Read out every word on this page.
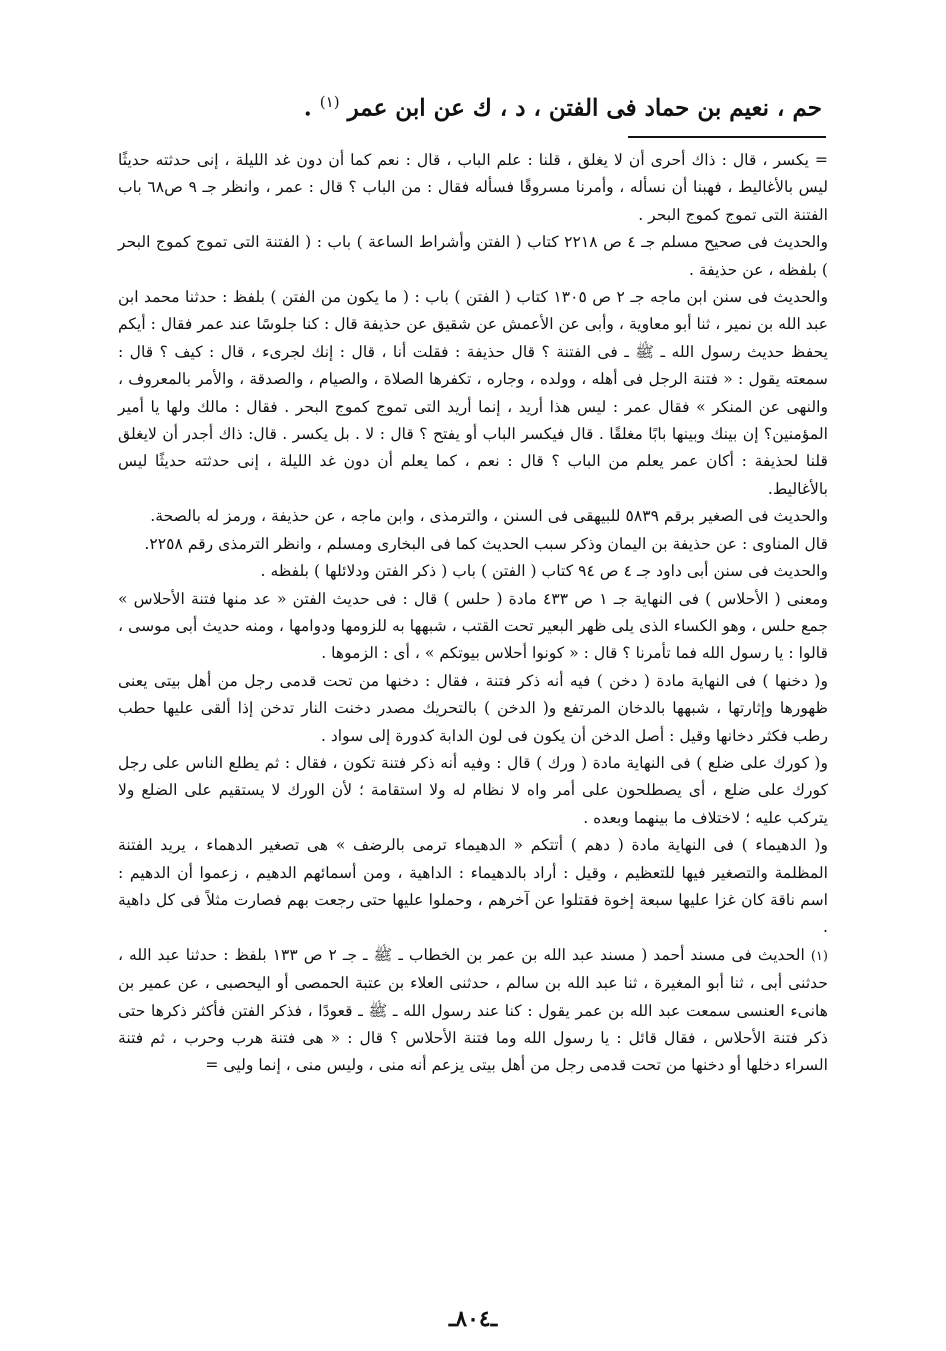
حم ، نعيم بن حماد فى الفتن ، د ، ك عن ابن عمر $^{(١)}$ .

= يكسر ، قال : ذاك أحرى أن لا يغلق ، قلنا : علم الباب ، قال : نعم كما أن دون غد الليلة ، إنى حدثته حديثًا ليس بالأغاليط ، فهبنا أن نسأله ، وأمرنا مسروقًا فسأله فقال : من الباب ؟ قال : عمر ، وانظر جـ ٩ ص٦٨ باب الفتنة التى تموج كموج البحر .

والحديث فى صحيح مسلم جـ ٤ ص ٢٢١٨ كتاب ( الفتن وأشراط الساعة ) باب : ( الفتنة التى تموج كموج البحر ) بلفظه ، عن حذيفة .

والحديث فى سنن ابن ماجه جـ ٢ ص ١٣٠٥ كتاب ( الفتن ) باب : ( ما يكون من الفتن ) بلفظ : حدثنا محمد ابن عبد الله بن نمير ، ثنا أبو معاوية ، وأبى عن الأعمش عن شقيق عن حذيفة قال : كنا جلوسًا عند عمر فقال : أيكم يحفظ حديث رسول الله ـ ﷺ ـ فى الفتنة ؟ قال حذيفة : فقلت أنا ، قال : إنك لجرىء ، قال : كيف ؟ قال : سمعته يقول : « فتنة الرجل فى أهله ، وولده ، وجاره ، تكفرها الصلاة ، والصيام ، والصدقة ، والأمر بالمعروف ، والنهى عن المنكر » فقال عمر : ليس هذا أريد ، إنما أريد التى تموج كموج البحر . فقال : مالك ولها يا أمير المؤمنين؟ إن بينك وبينها بابًا مغلقًا . قال فيكسر الباب أو يفتح ؟ قال : لا . بل يكسر . قال: ذاك أجدر أن لايغلق قلنا لحذيفة : أكان عمر يعلم من الباب ؟ قال : نعم ، كما يعلم أن دون غد الليلة ، إنى حدثته حديثًا ليس بالأغاليط.

والحديث فى الصغير برقم ٥٨٣٩ للبيهقى فى السنن ، والترمذى ، وابن ماجه ، عن حذيفة ، ورمز له بالصحة.

قال المناوى : عن حذيفة بن اليمان وذكر سبب الحديث كما فى البخارى ومسلم ، وانظر الترمذى رقم ٢٢٥٨.

والحديث فى سنن أبى داود جـ ٤ ص ٩٤ كتاب ( الفتن ) باب ( ذكر الفتن ودلائلها ) بلفظه .

ومعنى ( الأحلاس ) فى النهاية جـ ١ ص ٤٣٣ مادة ( حلس ) قال : فى حديث الفتن « عد منها فتنة الأحلاس » جمع حلس ، وهو الكساء الذى يلى ظهر البعير تحت القتب ، شبهها به للزومها ودوامها ، ومنه حديث أبى موسى ، قالوا : يا رسول الله فما تأمرنا ؟ قال : « كونوا أحلاس بيوتكم » ، أى : الزموها .

و( دخنها ) فى النهاية مادة ( دخن ) فيه أنه ذكر فتنة ، فقال : دخنها من تحت قدمى رجل من أهل بيتى يعنى ظهورها وإثارتها ، شبهها بالدخان المرتفع و( الدخن ) بالتحريك مصدر دخنت النار تدخن إذا ألقى عليها حطب رطب فكثر دخانها وقيل : أصل الدخن أن يكون فى لون الدابة كدورة إلى سواد .

و( كورك على ضلع ) فى النهاية مادة ( ورك ) قال : وفيه أنه ذكر فتنة تكون ، فقال : ثم يطلع الناس على رجل كورك على ضلع ، أى يصطلحون على أمر واه لا نظام له ولا استقامة ؛ لأن الورك لا يستقيم على الضلع ولا يتركب عليه ؛ لاختلاف ما بينهما وبعده .

و( الدهيماء ) فى النهاية مادة ( دهم ) أتتكم « الدهيماء ترمى بالرضف » هى تصغير الدهماء ، يريد الفتنة المظلمة والتصغير فيها للتعظيم ، وقيل : أراد بالدهيماء : الداهية ، ومن أسمائهم الدهيم ، زعموا أن الدهيم : اسم ناقة كان غزا عليها سبعة إخوة فقتلوا عن آخرهم ، وحملوا عليها حتى رجعت بهم فصارت مثلاً فى كل داهية .

(١) الحديث فى مسند أحمد ( مسند عبد الله بن عمر بن الخطاب ـ ﷺ ـ جـ ٢ ص ١٣٣ بلفظ : حدثنا عبد الله ، حدثنى أبى ، ثنا أبو المغيرة ، ثنا عبد الله بن سالم ، حدثنى العلاء بن عتبة الحمصى أو اليحصبى ، عن عمير بن هانىء العنسى سمعت عبد الله بن عمر يقول : كنا عند رسول الله ـ ﷺ ـ قعودًا ، فذكر الفتن فأكثر ذكرها حتى ذكر فتنة الأحلاس ، فقال قائل : يا رسول الله وما فتنة الأحلاس ؟ قال : « هى فتنة هرب وحرب ، ثم فتنة السراء دخلها أو دخنها من تحت قدمى رجل من أهل بيتى يزعم أنه منى ، وليس منى ، إنما وليى =

ـ٨٠٤ـ
